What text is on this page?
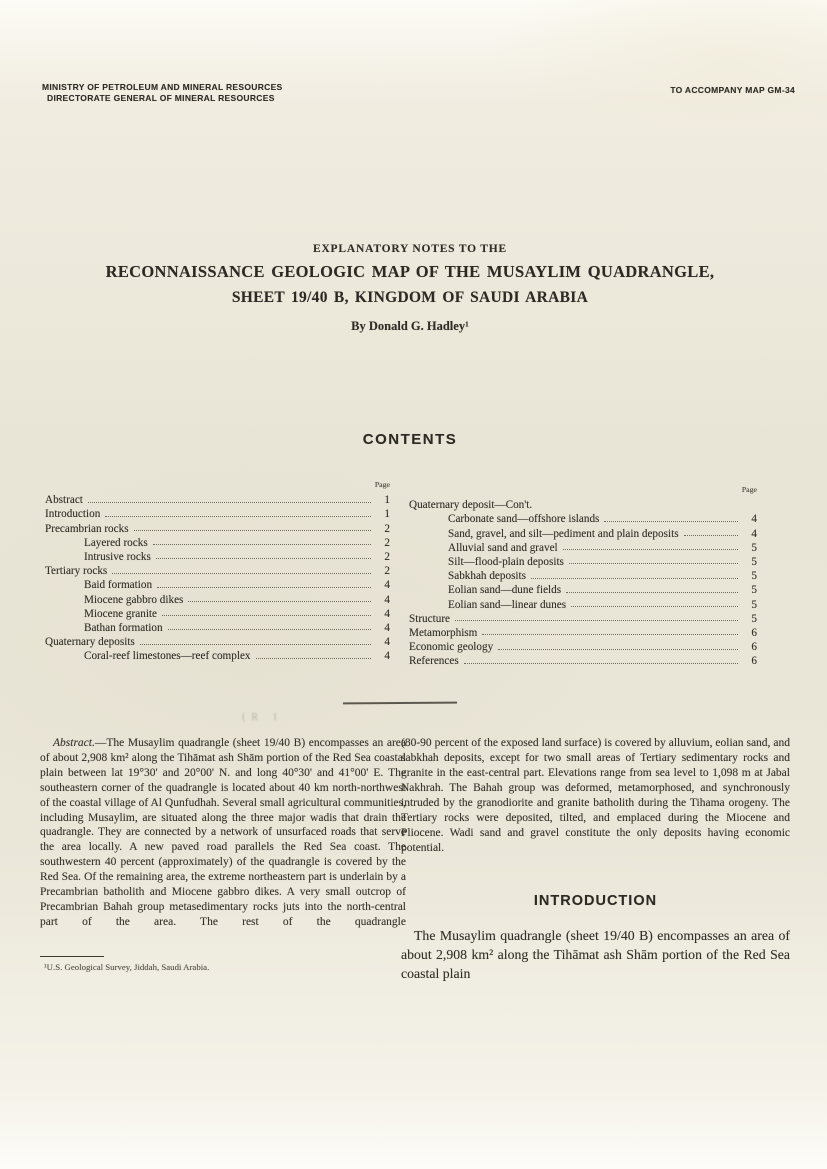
MINISTRY OF PETROLEUM AND MINERAL RESOURCES
DIRECTORATE GENERAL OF MINERAL RESOURCES
TO ACCOMPANY MAP GM-34
EXPLANATORY NOTES TO THE
RECONNAISSANCE GEOLOGIC MAP OF THE MUSAYLIM QUADRANGLE,
SHEET 19/40 B, KINGDOM OF SAUDI ARABIA
By Donald G. Hadley¹
CONTENTS
(R 1
Page
Abstract	1
Introduction	1
Precambrian rocks	2
Layered rocks	2
Intrusive rocks	2
Tertiary rocks	2
Baid formation	4
Miocene gabbro dikes	4
Miocene granite	4
Bathan formation	4
Quaternary deposits	4
Coral-reef limestones—reef complex	4
Page
Quaternary deposit—Con't.
Carbonate sand—offshore islands	4
Sand, gravel, and silt—pediment and plain deposits	4
Alluvial sand and gravel	5
Silt—flood-plain deposits	5
Sabkhah deposits	5
Eolian sand—dune fields	5
Eolian sand—linear dunes	5
Structure	5
Metamorphism	6
Economic geology	6
References	6
Abstract.—The Musaylim quadrangle (sheet 19/40 B) encompasses an area of about 2,908 km² along the Tihāmat ash Shām portion of the Red Sea coastal plain between lat 19°30' and 20°00' N. and long 40°30' and 41°00' E. The southeastern corner of the quadrangle is located about 40 km north-northwest of the coastal village of Al Qunfudhah. Several small agricultural communities, including Musaylim, are situated along the three major wadis that drain the quadrangle. They are connected by a network of unsurfaced roads that serve the area locally. A new paved road parallels the Red Sea coast. The southwestern 40 percent (approximately) of the quadrangle is covered by the Red Sea. Of the remaining area, the extreme northeastern part is underlain by a Precambrian batholith and Miocene gabbro dikes. A very small outcrop of Precambrian Bahah group metasedimentary rocks juts into the north-central part of the area. The rest of the quadrangle
(80-90 percent of the exposed land surface) is covered by alluvium, eolian sand, and sabkhah deposits, except for two small areas of Tertiary sedimentary rocks and granite in the east-central part. Elevations range from sea level to 1,098 m at Jabal Nakhrah. The Bahah group was deformed, metamorphosed, and synchronously intruded by the granodiorite and granite batholith during the Tihama orogeny. The Tertiary rocks were deposited, tilted, and emplaced during the Miocene and Pliocene. Wadi sand and gravel constitute the only deposits having economic potential.
¹U.S. Geological Survey, Jiddah, Saudi Arabia.
INTRODUCTION
The Musaylim quadrangle (sheet 19/40 B) encompasses an area of about 2,908 km² along the Tihāmat ash Shām portion of the Red Sea coastal plain
